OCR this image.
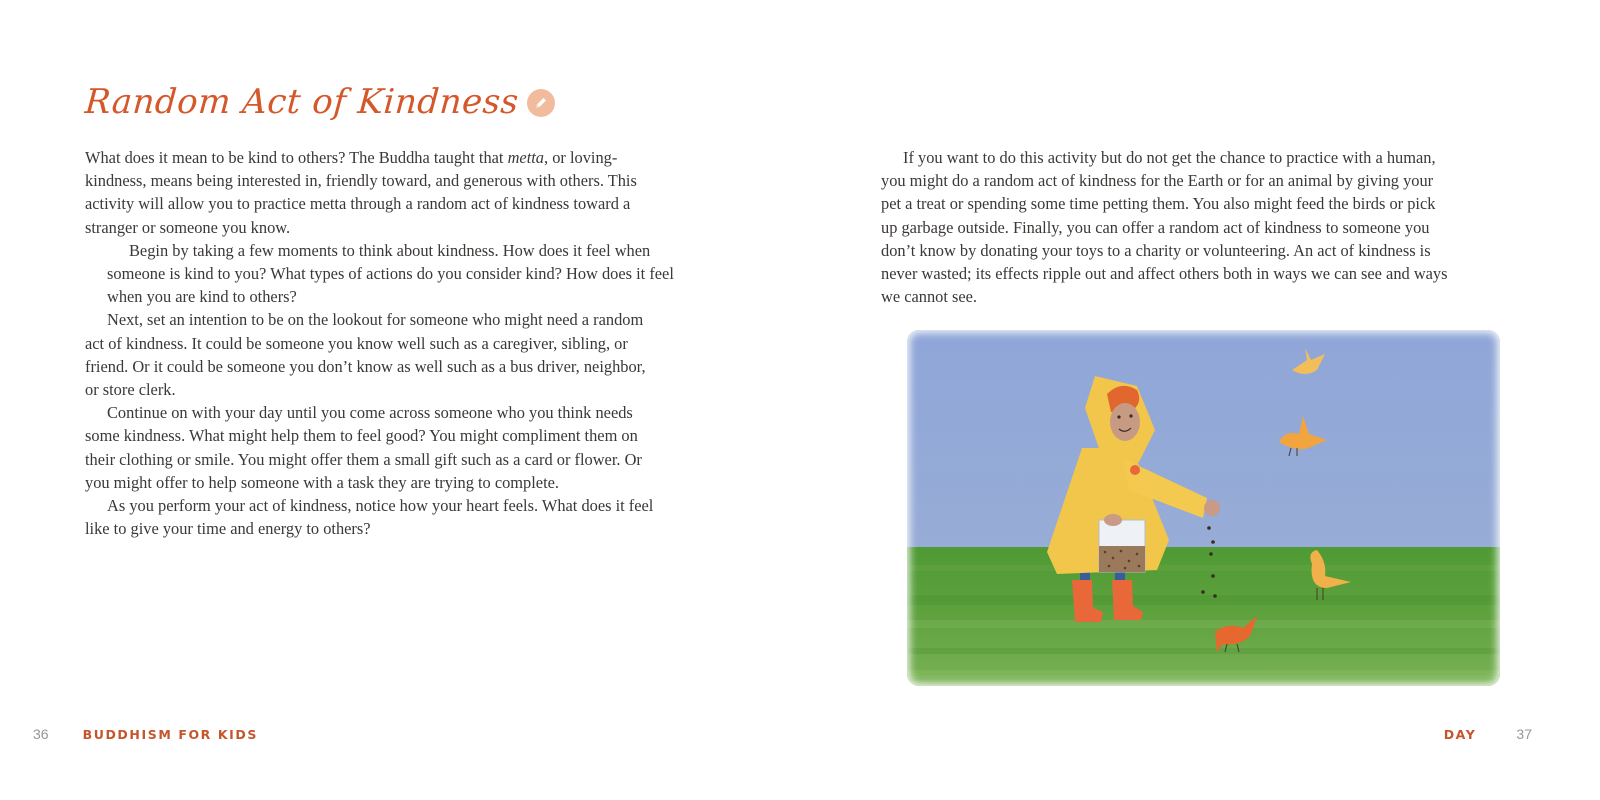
Random Act of Kindness

What does it mean to be kind to others? The Buddha taught that metta, or loving-
kindness, means being interested in, friendly toward, and generous with others. This
activity will allow you to practice metta through a random act of kindness toward a
stranger or someone you know.

Begin by taking a few moments to think about kindness. How does it feel when
someone is kind to you? What types of actions do you consider kind? How does it feel
when you are kind to others?

Next, set an intention to be on the lookout for someone who might need a random
act of kindness. It could be someone you know well such as a caregiver, sibling, or
friend. Or it could be someone you don’t know as well such as a bus driver, neighbor,
or store clerk.

Continue on with your day until you come across someone who you think needs
some kindness. What might help them to feel good? You might compliment them on
their clothing or smile. You might offer them a small gift such as a card or flower. Or
you might offer to help someone with a task they are trying to complete.

As you perform your act of kindness, notice how your heart feels. What does it feel
like to give your time and energy to others?

36	BUDDHISM FOR KIDS

If you want to do this activity but do not get the chance to practice with a human,
you might do a random act of kindness for the Earth or for an animal by giving your
pet a treat or spending some time petting them. You also might feed the birds or pick
up garbage outside. Finally, you can offer a random act of kindness to someone you
don’t know by donating your toys to a charity or volunteering. An act of kindness is
never wasted; its effects ripple out and affect others both in ways we can see and ways
we cannot see.

DAY	37
